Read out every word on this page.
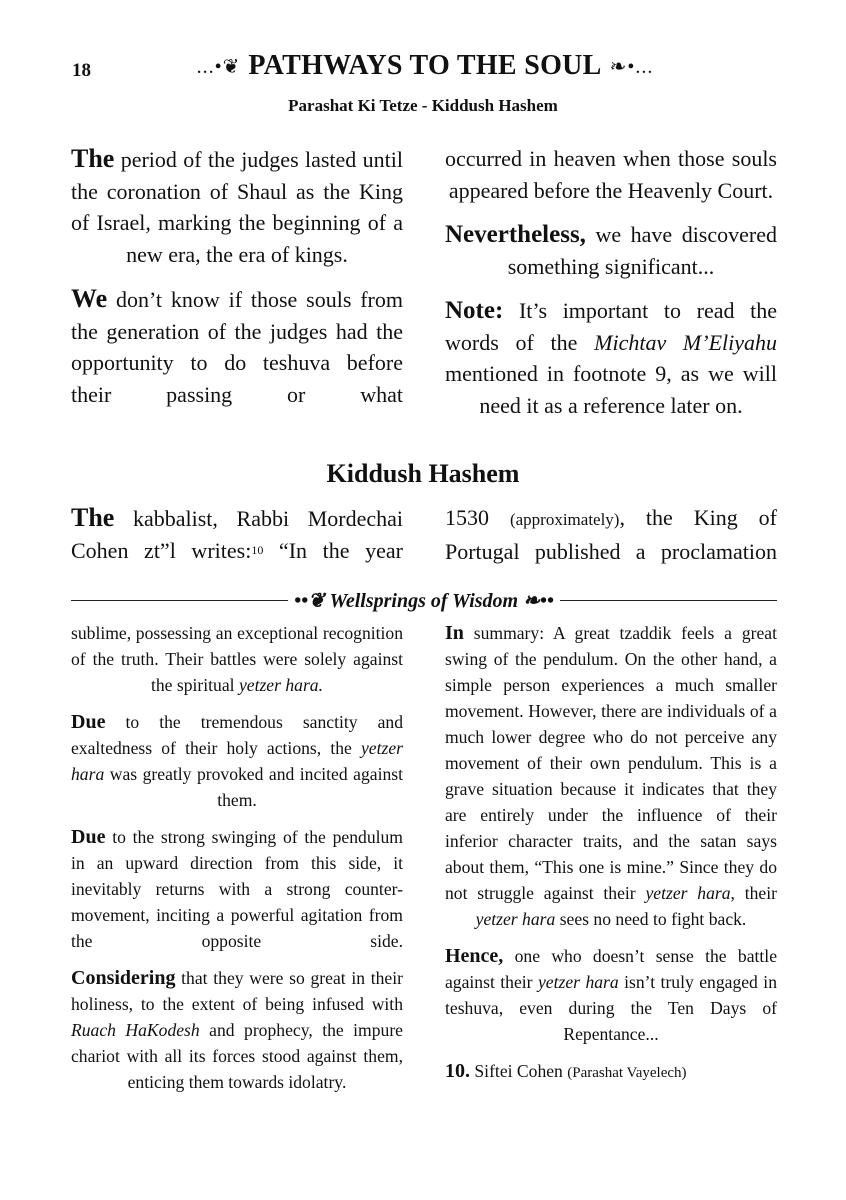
18	...•❦ PATHWAYS TO THE SOUL ❧•...
Parashat Ki Tetze - Kiddush Hashem

The period of the judges lasted until the coronation of Shaul as the King of Israel, marking the beginning of a new era, the era of kings.

We don’t know if those souls from the generation of the judges had the opportunity to do teshuva before their passing or what

occurred in heaven when those souls appeared before the Heavenly Court.

Nevertheless, we have discovered something significant...

Note: It’s important to read the words of the Michtav M’Eliyahu mentioned in footnote 9, as we will need it as a reference later on.

Kiddush Hashem

The kabbalist, Rabbi Mordechai Cohen zt”l writes:$^{10}$ “In the year

1530 (approximately), the King of Portugal published a proclamation

••❦ Wellsprings of Wisdom ❧••

sublime, possessing an exceptional recognition of the truth. Their battles were solely against the spiritual yetzer hara.

Due to the tremendous sanctity and exaltedness of their holy actions, the yetzer hara was greatly provoked and incited against them.

Due to the strong swinging of the pendulum in an upward direction from this side, it inevitably returns with a strong counter-movement, inciting a powerful agitation from the opposite side.

Considering that they were so great in their holiness, to the extent of being infused with Ruach HaKodesh and prophecy, the impure chariot with all its forces stood against them, enticing them towards idolatry.

In summary: A great tzaddik feels a great swing of the pendulum. On the other hand, a simple person experiences a much smaller movement. However, there are individuals of a much lower degree who do not perceive any movement of their own pendulum. This is a grave situation because it indicates that they are entirely under the influence of their inferior character traits, and the satan says about them, “This one is mine.” Since they do not struggle against their yetzer hara, their yetzer hara sees no need to fight back.

Hence, one who doesn’t sense the battle against their yetzer hara isn’t truly engaged in teshuva, even during the Ten Days of Repentance...

10. Siftei Cohen (Parashat Vayelech)
